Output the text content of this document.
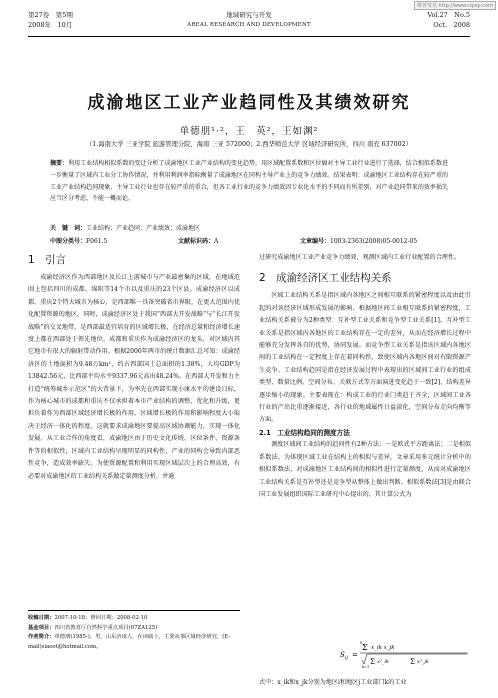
维普资讯 http://www.cqvip.com
第27卷　第5期
2008年　10月
地域研究与开发
AREAL RESEARCH AND DEVELOPMENT
Vol.27　No.5
Oct.　2008
成渝地区工业产业趋同性及其绩效研究
单德朋¹·²，王　英²，王如渊²
（1.海南大学 三亚学院 旅游管理分院，海南 三亚 572000；2.西华师范大学 区域经济研究所，四川 南充 637002）
摘要：利用工业结构相似系数的变迁分析了成渝地区工业产业结构的变化趋势，用区域配置系数和区位熵对主导工业行业进行了选择，结合相似系数进一步衡量了区域内工业分工协作情况，并利用利润率指标衡量了成渝地区在同构主导产业上的竞争力绩效。结果表明：成渝地区工业结构存在较严重的工业产业结构趋同现象，主导工业行业也存在较严重的重合，但各工业行业的竞争力绩效因专业化水平的不同而有所差别，对产业趋同带来的效率损失应当区分考虑，不能一概而论。
关　键　词：工业结构；产业趋同；产业绩效；成渝地区
中图分类号：F061.5	文献标识码：A	文章编号：1003-2363(2008)05-0012-05
1　引言

成渝经济区作为西部地区及长江上游城市与产业最密集的区域，在地域范围上包括四川的成都、绵阳等14个市以及重庆的23个区县。成渝经济区以成都、重庆2个特大城市为核心，是西部唯一具备突破省市界限，在更大范围内优化配置资源的地区。同时，成渝经济区处于我国“西部大开发战略”与“长江开发战略”的交叉地带，是西部最适宜培育的区域增长极，在经济总量和经济增长速度上都在西部处于领先地位。成都和重庆作为成渝经济区的龙头，对区域内其它地市有很大的辐射带动作用。根据2006年两市的统计数据汇总可知：成渝经济区的土地面积为9.48万km²，约占西部国土总面积的1.38%，人均GDP为13842.56元，比西部平均水平9337.96元高出48.24%。在西部大开发和力主打造“统筹城乡示范区”的大背景下，为率先在西部实现小康水平的建设目标，作为核心城市的成都和重庆不仅承担着本市产业结构的调整、优化和升级，更担负着作为西部区域经济增长极的作用。区域增长极的作用和影响程度大小取决于经济一体化的程度。这就要求成渝地区要提高区域协调能力，实现一体化发展。从工业合作的角度看，成渝地区由于历史文化传统、区位条件、资源条件等的相似性，区域内工业结构呈现明显的同构性，产业的同构会导致内部恶性竞争，造成效率缺失。为使资源配置和利用实现区域层次上的合理高效，有必要对成渝地区的工业结构关系做定量测度分析，并通

收稿日期：2007-10-18；修回日期：2008-02-10
基金项目：四川省教育厅自然科学重点项目(07ZA125)
作者简介：单德朋(1985-)，男，山东济南人，在读硕士，主要从事区域经济研究，(E-mail)siaeot@hotmail.com。

过研究成渝地区工业产业竞争力绩效，观测区域内工业行业配置的合理性。

2　成渝经济区工业结构关系

区域工业结构关系是指区域内各地区之间相互联系的紧密程度以及由此引起的对该经济区域形成发展的影响。根据地区间工业相互联系的紧密程度，工业结构关系被分为2种类型：互补型工业关系和竞争型工业关系[1]。互补型工业关系是指区域内各地区的工业结构存在一定的差异，从而在经济增长过程中能够充分发挥各自的优势，协同发展。而竞争型工业关系是指该区域内各地区间的工业结构在一定程度上存在着同构性，致使区域内各地区间对有限资源产生竞争。工业结构趋同是指在经济发展过程中表现出的区域间工业行业的组成类型、数量比例、空间分布、关联方式等方面演进变化趋于一致[2]，结构差异逐步缩小的现象。主要表现在：构成工业的行业门类趋于齐全，区域间工业各行业的产出比重逐渐接近，各行业的地域属性日益淡化，空间分布走向均衡等方面。

2.1　工业结构趋同的测度方法

测度区域间工业结构的趋同性有2种方法：一是欧式平方距离法；二是相似系数法。为体现区域工业在结构上的相似与差异，文章采用多元统计分析中的相似系数法，对成渝地区工业结构间的相似性进行定量测度，从而对成渝地区工业结构关系是互补型还是竞争型从整体上做出判断。相似系数法[3]是由联合国工业发展组织国际工业研究中心提出的，其计算公式为

S ij =
Σ x_ik x_jk
n
Σ x²_ik	Σ x²_jk
k=1
式中：x_ik和x_jk分别为地区i和地区j工业部门k的工业
